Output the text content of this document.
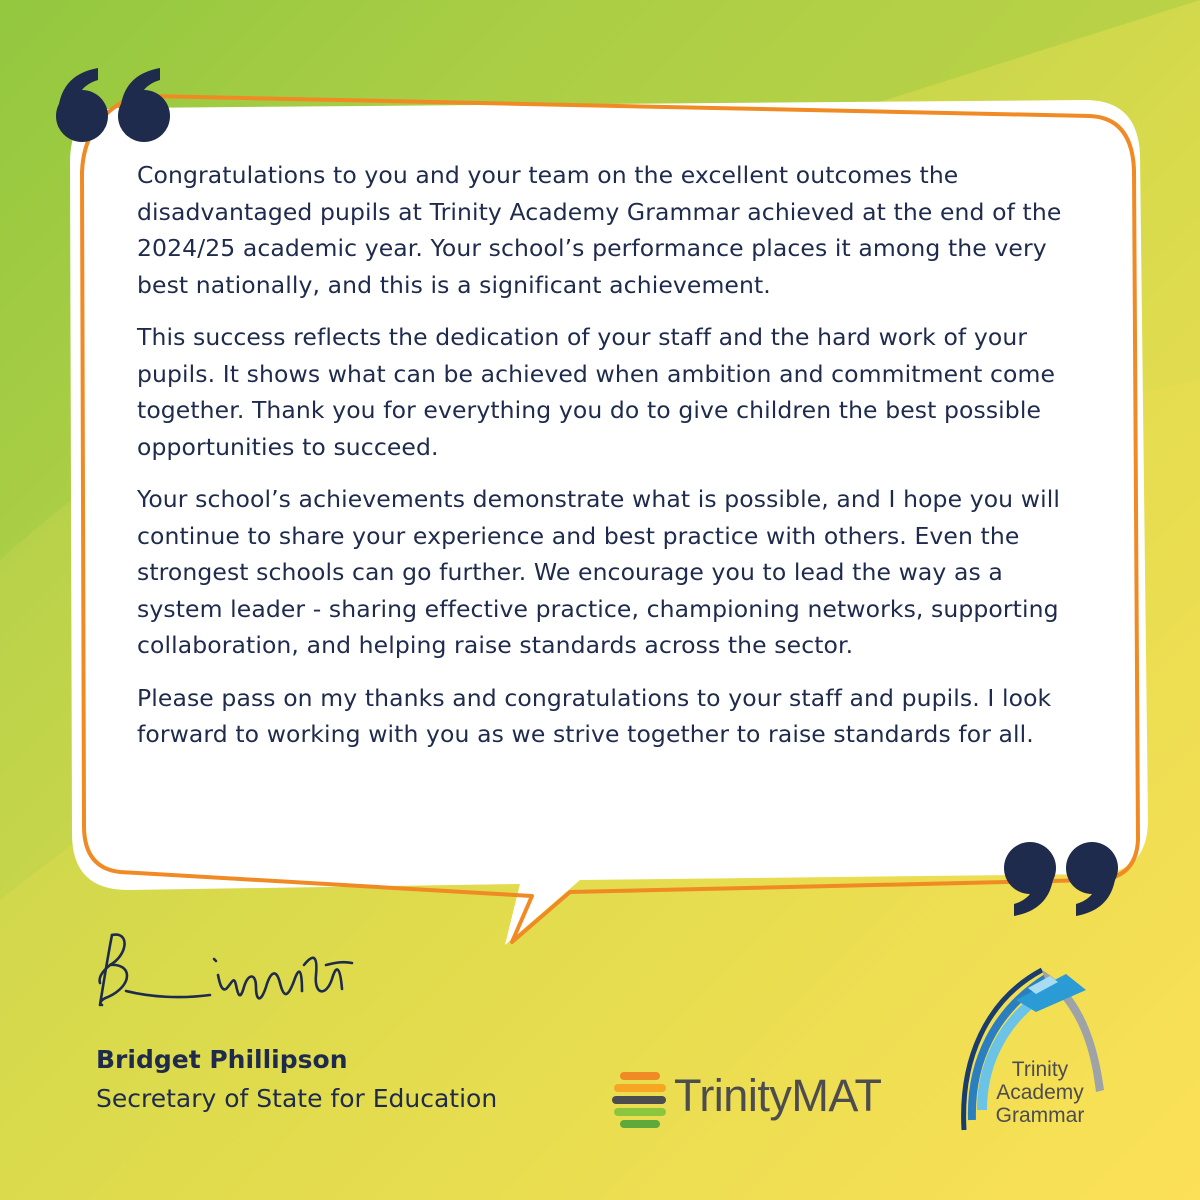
Congratulations to you and your team on the excellent outcomes the disadvantaged pupils at Trinity Academy Grammar achieved at the end of the 2024/25 academic year. Your school’s performance places it among the very best nationally, and this is a significant achievement.

This success reflects the dedication of your staff and the hard work of your pupils. It shows what can be achieved when ambition and commitment come together. Thank you for everything you do to give children the best possible opportunities to succeed.

Your school’s achievements demonstrate what is possible, and I hope you will continue to share your experience and best practice with others. Even the strongest schools can go further. We encourage you to lead the way as a system leader - sharing effective practice, championing networks, supporting collaboration, and helping raise standards across the sector.

Please pass on my thanks and congratulations to your staff and pupils. I look forward to working with you as we strive together to raise standards for all.

Bridget Phillipson
Secretary of State for Education	TrinityMAT
Trinity
Academy
Grammar
